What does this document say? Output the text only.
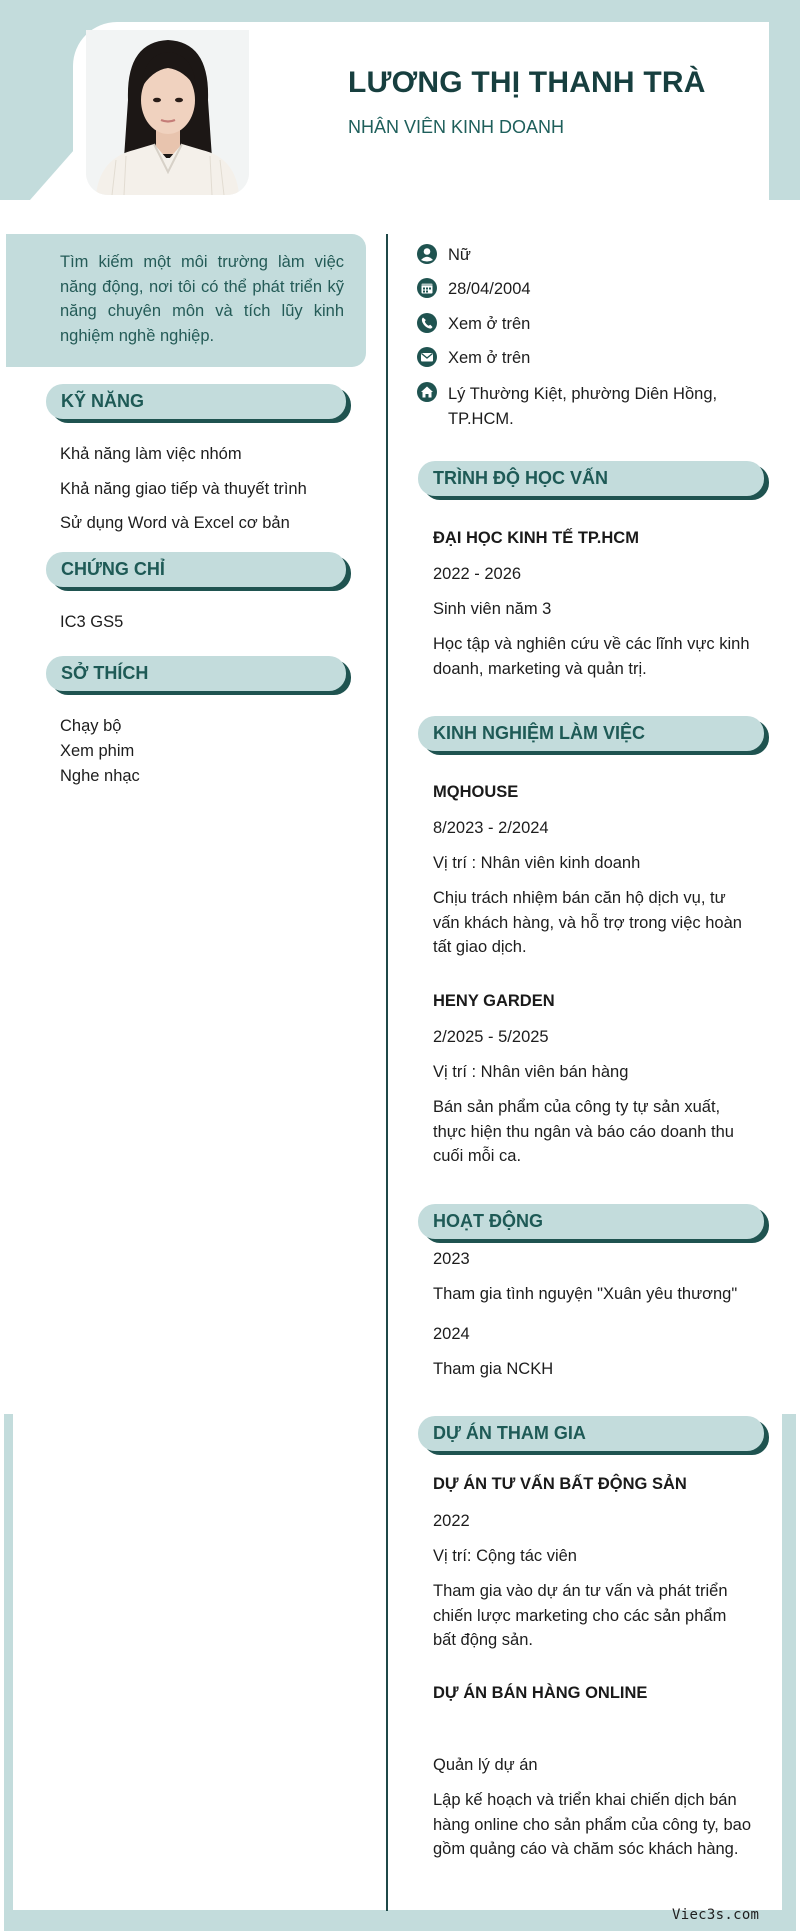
LƯƠNG THỊ THANH TRÀ
NHÂN VIÊN KINH DOANH
Tìm kiếm một môi trường làm việc năng động, nơi tôi có thể phát triển kỹ năng chuyên môn và tích lũy kinh nghiệm nghề nghiệp.
KỸ NĂNG
Khả năng làm việc nhóm
Khả năng giao tiếp và thuyết trình
Sử dụng Word và Excel cơ bản
CHỨNG CHỈ
IC3 GS5
SỞ THÍCH
Chạy bộ
Xem phim
Nghe nhạc
Nữ
28/04/2004
Xem ở trên
Xem ở trên
Lý Thường Kiệt, phường Diên Hồng, TP.HCM.
TRÌNH ĐỘ HỌC VẤN
ĐẠI HỌC KINH TẾ TP.HCM
2022 - 2026
Sinh viên năm 3
Học tập và nghiên cứu về các lĩnh vực kinh doanh, marketing và quản trị.
KINH NGHIỆM LÀM VIỆC
MQHOUSE
8/2023 - 2/2024
Vị trí : Nhân viên kinh doanh
Chịu trách nhiệm bán căn hộ dịch vụ, tư vấn khách hàng, và hỗ trợ trong việc hoàn tất giao dịch.
HENY GARDEN
2/2025 - 5/2025
Vị trí : Nhân viên bán hàng
Bán sản phẩm của công ty tự sản xuất, thực hiện thu ngân và báo cáo doanh thu cuối mỗi ca.
HOẠT ĐỘNG
2023
Tham gia tình nguyện "Xuân yêu thương"
2024
Tham gia NCKH
DỰ ÁN THAM GIA
DỰ ÁN TƯ VẤN BẤT ĐỘNG SẢN
2022
Vị trí: Cộng tác viên
Tham gia vào dự án tư vấn và phát triển chiến lược marketing cho các sản phẩm bất động sản.
DỰ ÁN BÁN HÀNG ONLINE
Quản lý dự án
Lập kế hoạch và triển khai chiến dịch bán hàng online cho sản phẩm của công ty, bao gồm quảng cáo và chăm sóc khách hàng.
Viec3s.com
